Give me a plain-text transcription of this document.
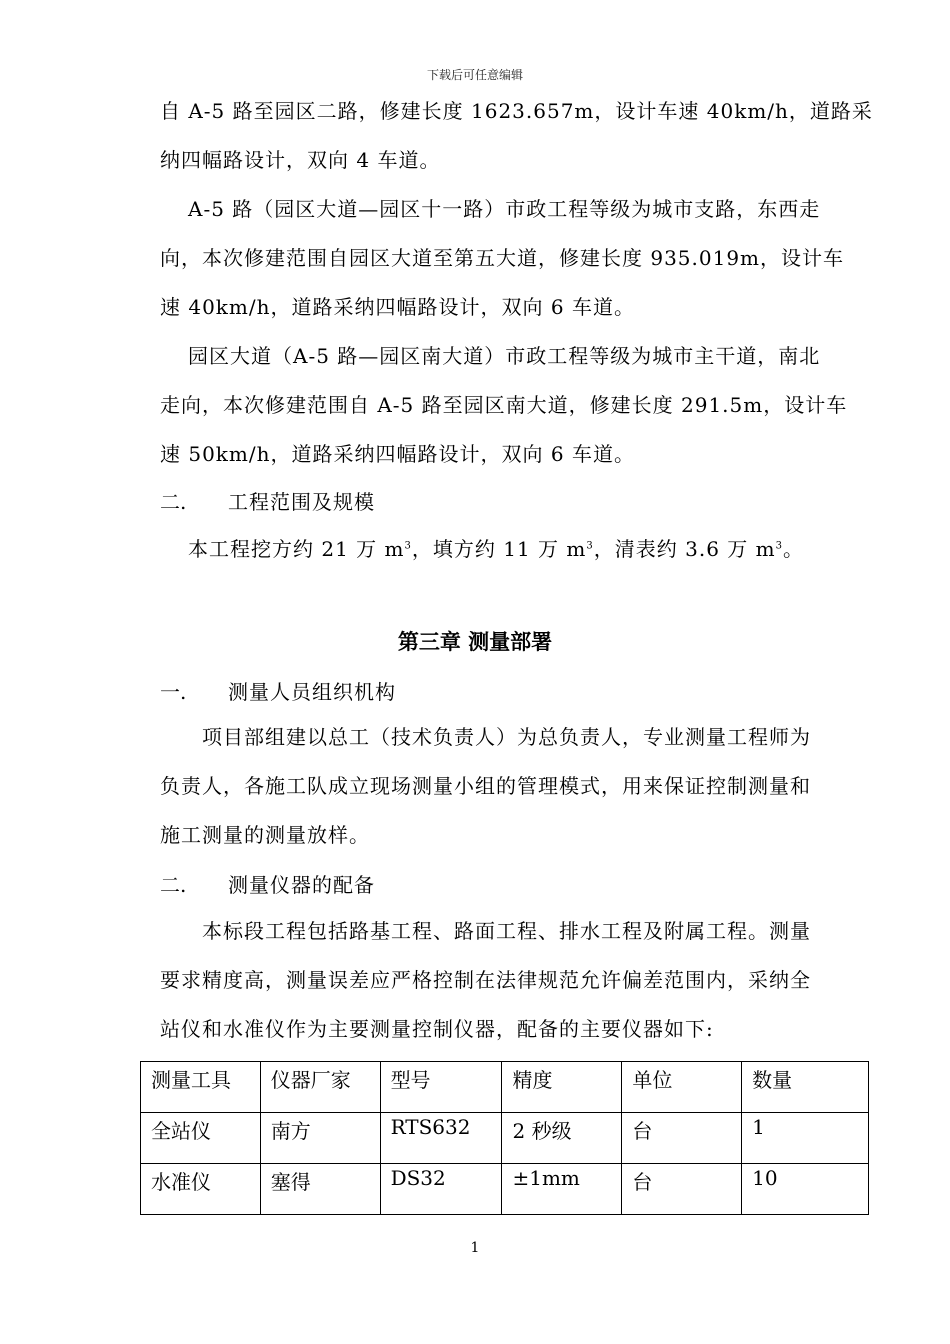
下载后可任意编辑
自 A-5 路至园区二路，修建长度 1623.657m，设计车速 40km/h，道路采
纳四幅路设计，双向 4 车道。
A-5 路（园区大道—园区十一路）市政工程等级为城市支路，东西走
向，本次修建范围自园区大道至第五大道，修建长度 935.019m，设计车
速 40km/h，道路采纳四幅路设计，双向 6 车道。
园区大道（A-5 路—园区南大道）市政工程等级为城市主干道，南北
走向，本次修建范围自 A-5 路至园区南大道，修建长度 291.5m，设计车
速 50km/h，道路采纳四幅路设计，双向 6 车道。
二. 工程范围及规模
本工程挖方约 21 万 $m^3$，填方约 11 万 $m^3$，清表约 3.6 万 $m^3$。
第三章 测量部署
一. 测量人员组织机构
项目部组建以总工（技术负责人）为总负责人，专业测量工程师为
负责人，各施工队成立现场测量小组的管理模式，用来保证控制测量和
施工测量的测量放样。
二. 测量仪器的配备
本标段工程包括路基工程、路面工程、排水工程及附属工程。测量
要求精度高，测量误差应严格控制在法律规范允许偏差范围内，采纳全
站仪和水准仪作为主要测量控制仪器，配备的主要仪器如下:
测量工具	仪器厂家	型号	精度	单位	数量

全站仪	南方	RTS632	2 秒级	台	1

水准仪	塞得	DS32	±1mm	台	10
1
